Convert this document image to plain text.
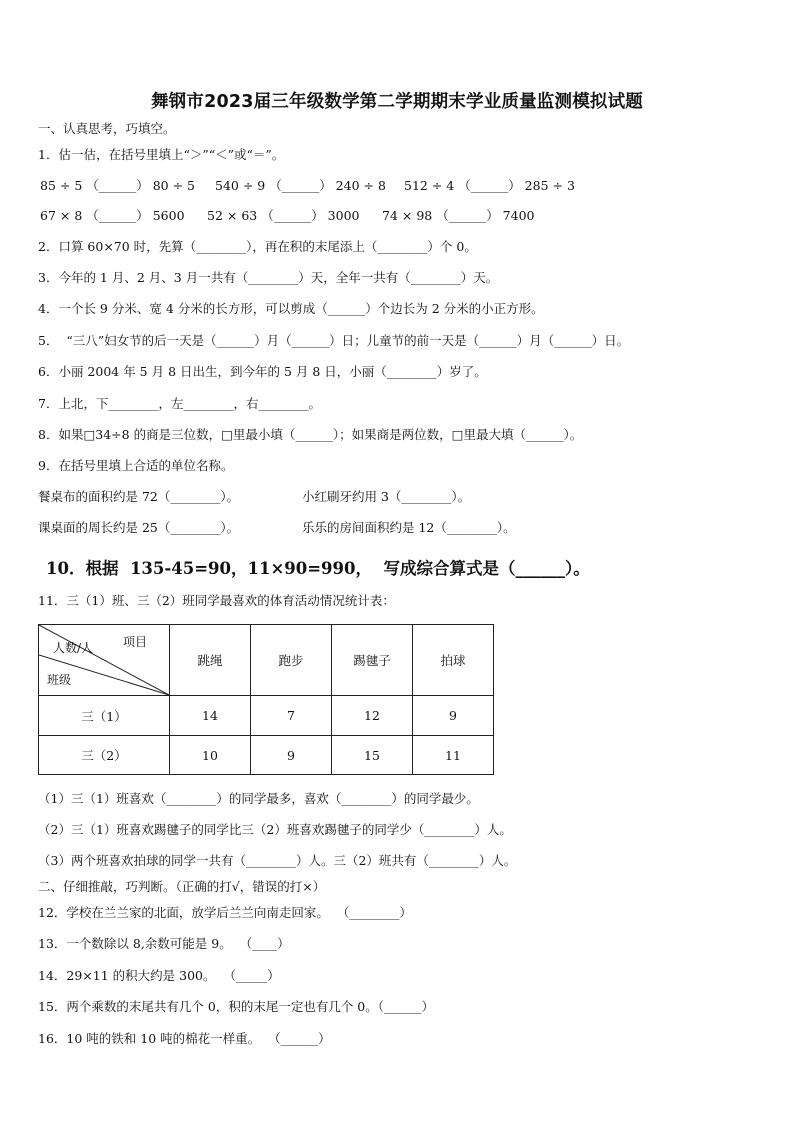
舞钢市2023届三年级数学第二学期期末学业质量监测模拟试题
一、认真思考，巧填空。
1．估一估，在括号里填上“＞”“＜”或“＝”。
85 ÷ 5 （______） 80 ÷ 5 540 ÷ 9 （______） 240 ÷ 8 512 ÷ 4 （______） 285 ÷ 3
67 × 8 （______） 5600 52 × 63 （______） 3000 74 × 98 （______） 7400
2．口算 60×70 时，先算（________），再在积的末尾添上（________）个 0。
3．今年的 1 月、2 月、3 月一共有（________）天，全年一共有（________）天。
4．一个长 9 分米、宽 4 分米的长方形，可以剪成（______）个边长为 2 分米的小正方形。
5．  “三八”妇女节的后一天是（______）月（______）日；儿童节的前一天是（______）月（______）日。
6．小丽 2004 年 5 月 8 日出生，到今年的 5 月 8 日，小丽（________）岁了。
7．上北，下________，左________，右________。
8．如果□34÷8 的商是三位数，□里最小填（______）；如果商是两位数，□里最大填（______）。
9．在括号里填上合适的单位名称。
餐桌布的面积约是 72（________）。	小红刷牙约用 3（________）。
课桌面的周长约是 25（________）。	乐乐的房间面积约是 12（________）。
10．根据  135-45=90，11×90=990，  写成综合算式是（______）。
11．三（1）班、三（2）班同学最喜欢的体育活动情况统计表：
项目
人数/人
班级	跳绳	跑步	踢毽子	拍球
三（1）	14	7	12	9
三（2）	10	9	15	11
（1）三（1）班喜欢（________）的同学最多，喜欢（________）的同学最少。
（2）三（1）班喜欢踢毽子的同学比三（2）班喜欢踢毽子的同学少（________）人。
（3）两个班喜欢拍球的同学一共有（________）人。三（2）班共有（________）人。
二、仔细推敲，巧判断。（正确的打√，错误的打×）
12．学校在兰兰家的北面，放学后兰兰向南走回家。  （________）
13．一个数除以 8,余数可能是 9。  （____）
14．29×11 的积大约是 300。  （_____）
15．两个乘数的末尾共有几个 0，积的末尾一定也有几个 0。（______）
16．10 吨的铁和 10 吨的棉花一样重。  （______）
